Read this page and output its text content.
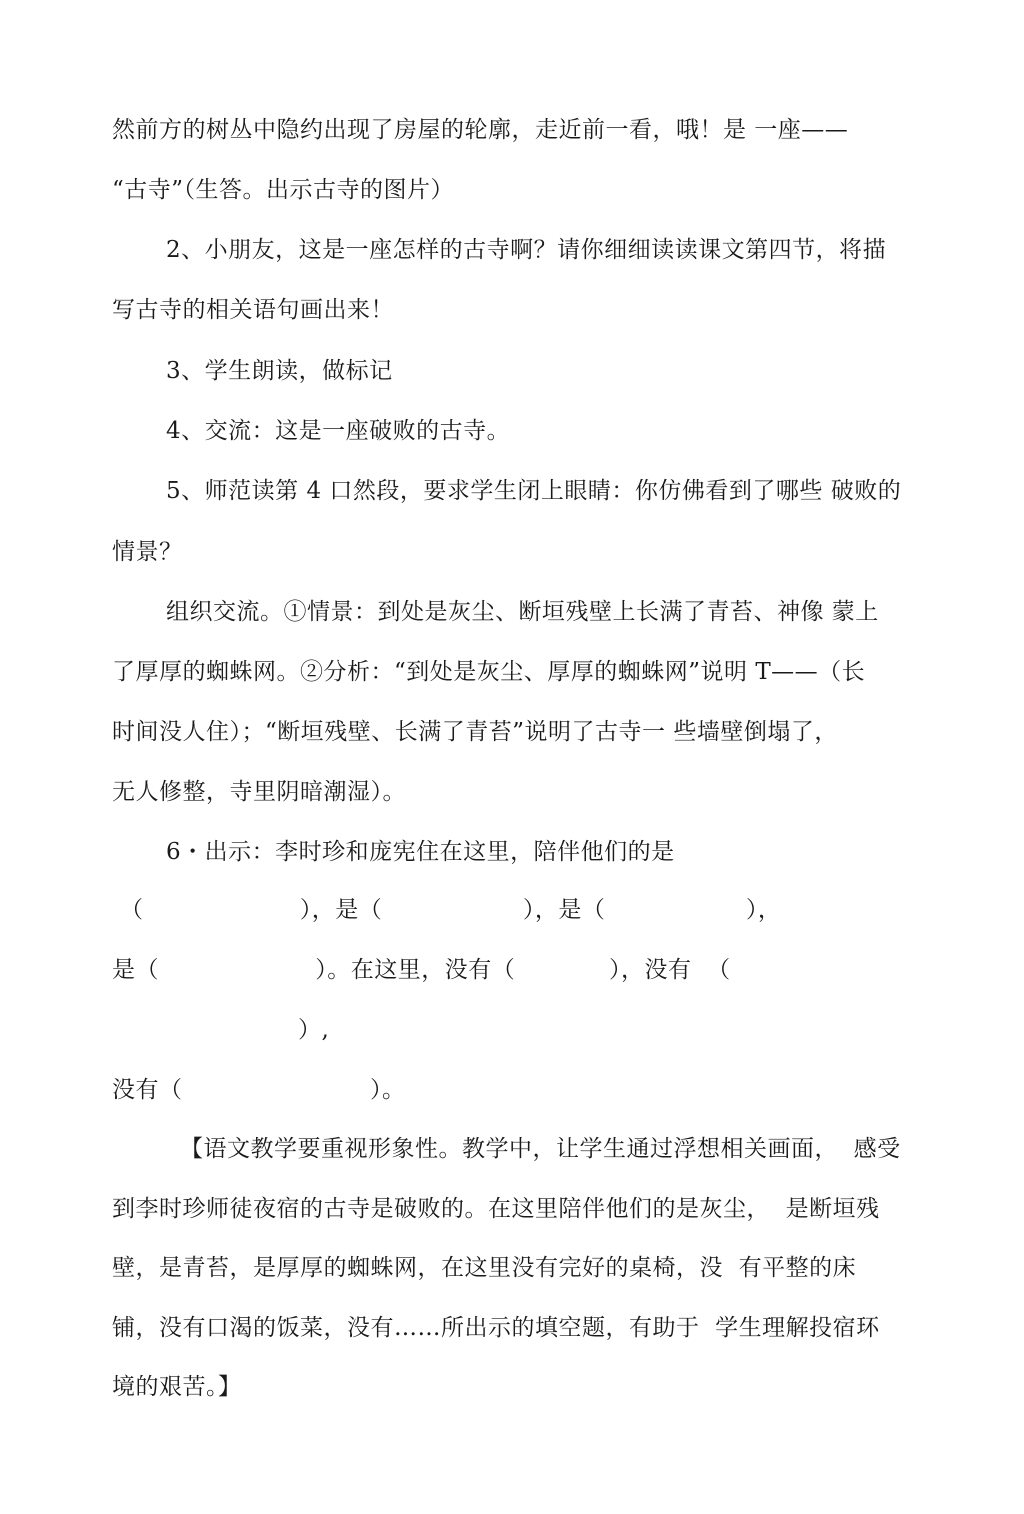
然前方的树丛中隐约出现了房屋的轮廓，走近前一看，哦！是 一座——
“古寺”（生答。出示古寺的图片）
2、小朋友，这是一座怎样的古寺啊？请你细细读读课文第四节，将描
写古寺的相关语句画出来！
3、学生朗读，做标记
4、交流：这是一座破败的古寺。
5、师范读第 4 口然段，要求学生闭上眼睛：你仿佛看到了哪些 破败的
情景？
组织交流。①情景：到处是灰尘、断垣残壁上长满了青苔、神像 蒙上
了厚厚的蜘蛛网。②分析：“到处是灰尘、厚厚的蜘蛛网”说明 T——（长
时间没人住）；“断垣残壁、长满了青苔”说明了古寺一 些墙壁倒塌了，
无人修整，寺里阴暗潮湿）。
6・出示：李时珍和庞宪住在这里，陪伴他们的是
（                    ），是（                  ），是（                  ），
是（                    ）。在这里，没有（            ），没有  （
）,
没有（                        ）。
【语文教学要重视形象性。教学中，让学生通过浮想相关画面，  感受
到李时珍师徒夜宿的古寺是破败的。在这里陪伴他们的是灰尘，  是断垣残
壁，是青苔，是厚厚的蜘蛛网，在这里没有完好的桌椅，没  有平整的床
铺，没有口渴的饭菜，没有……所出示的填空题，有助于  学生理解投宿环
境的艰苦。】
